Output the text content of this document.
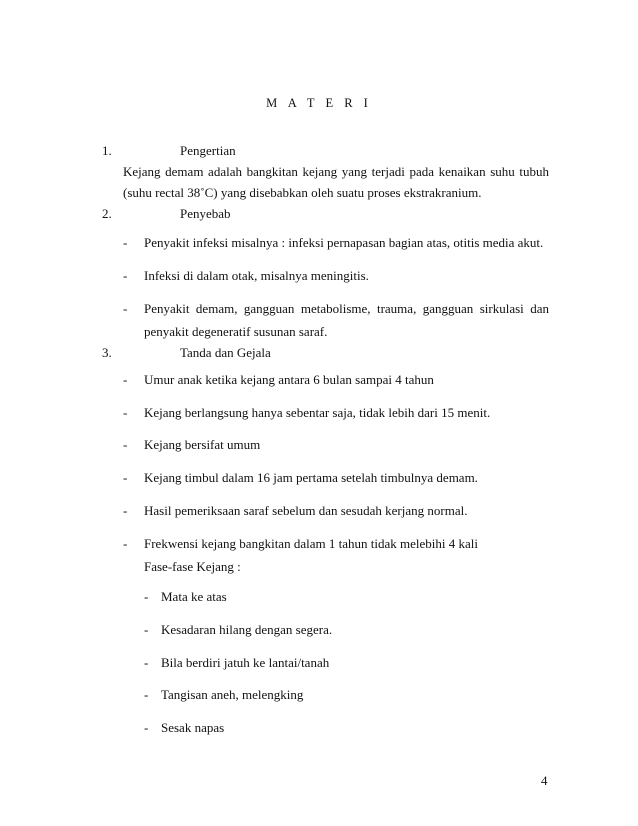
M A T E R I
1.	Pengertian
Kejang demam adalah bangkitan kejang yang terjadi pada kenaikan suhu tubuh
(suhu rectal 38˚C) yang disebabkan oleh suatu proses ekstrakranium.
2.	Penyebab
- Penyakit infeksi misalnya : infeksi pernapasan bagian atas, otitis media akut.
- Infeksi di dalam otak, misalnya meningitis.
- Penyakit demam, gangguan metabolisme, trauma, gangguan sirkulasi dan
penyakit degeneratif susunan saraf.
3.	Tanda dan Gejala
- Umur anak ketika kejang antara 6 bulan sampai 4 tahun
- Kejang berlangsung hanya sebentar saja, tidak lebih dari 15 menit.
- Kejang bersifat umum
- Kejang timbul dalam 16 jam pertama setelah timbulnya demam.
- Hasil pemeriksaan saraf sebelum dan sesudah kerjang normal.
- Frekwensi kejang bangkitan dalam 1 tahun tidak melebihi 4 kali
Fase-fase Kejang :
- Mata ke atas
- Kesadaran hilang dengan segera.
- Bila berdiri jatuh ke lantai/tanah
- Tangisan aneh, melengking
- Sesak napas
4
